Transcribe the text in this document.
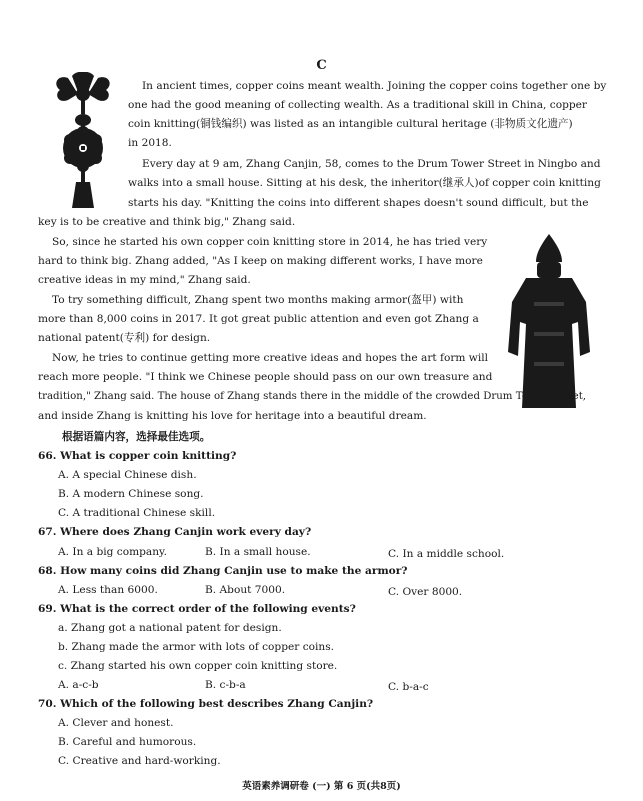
C
In ancient times, copper coins meant wealth. Joining the copper coins together one by
one had the good meaning of collecting wealth. As a traditional skill in China, copper
coin knitting(铜钱编织) was listed as an intangible cultural heritage (非物质文化遗产)
in 2018.
Every day at 9 am, Zhang Canjin, 58, comes to the Drum Tower Street in Ningbo and
walks into a small house. Sitting at his desk, the inheritor(继承人)of copper coin knitting
starts his day. "Knitting the coins into different shapes doesn't sound difficult, but the
key is to be creative and think big," Zhang said.
So, since he started his own copper coin knitting store in 2014, he has tried very
hard to think big. Zhang added, "As I keep on making different works, I have more
creative ideas in my mind," Zhang said.
To try something difficult, Zhang spent two months making armor(盔甲) with
more than 8,000 coins in 2017. It got great public attention and even got Zhang a
national patent(专利) for design.
Now, he tries to continue getting more creative ideas and hopes the art form will
reach more people. "I think we Chinese people should pass on our own treasure and
tradition," Zhang said. The house of Zhang stands there in the middle of the crowded Drum Tower Street,
and inside Zhang is knitting his love for heritage into a beautiful dream.
根据语篇内容，选择最佳选项。
66. What is copper coin knitting?
A. A special Chinese dish.
B. A modern Chinese song.
C. A traditional Chinese skill.
67. Where does Zhang Canjin work every day?
A. In a big company.	B. In a small house.	C. In a middle school.
68. How many coins did Zhang Canjin use to make the armor?
A. Less than 6000.	B. About 7000.	C. Over 8000.
69. What is the correct order of the following events?
a. Zhang got a national patent for design.
b. Zhang made the armor with lots of copper coins.
c. Zhang started his own copper coin knitting store.
A. a-c-b	B. c-b-a	C. b-a-c
70. Which of the following best describes Zhang Canjin?
A. Clever and honest.
B. Careful and humorous.
C. Creative and hard-working.
英语素养调研卷 (一) 第 6 页(共8页)
